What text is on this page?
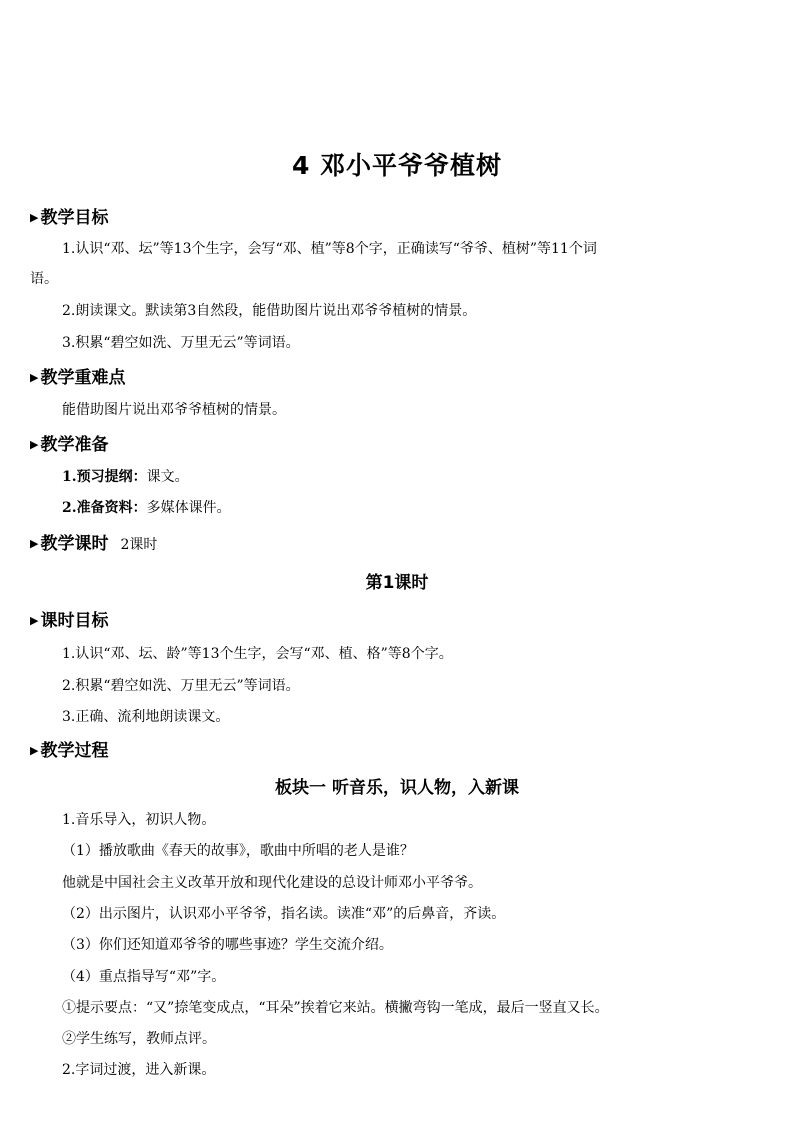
4 邓小平爷爷植树
▶ 教学目标
1.认识“邓、坛”等13个生字，会写“邓、植”等8个字，正确读写“爷爷、植树”等11个词
语。
2.朗读课文。默读第3自然段，能借助图片说出邓爷爷植树的情景。
3.积累“碧空如洗、万里无云”等词语。
▶ 教学重难点
能借助图片说出邓爷爷植树的情景。
▶ 教学准备
1.预习提纲：课文。
2.准备资料：多媒体课件。
▶ 教学课时 2课时
第1课时
▶ 课时目标
1.认识“邓、坛、龄”等13个生字，会写“邓、植、格”等8个字。
2.积累“碧空如洗、万里无云”等词语。
3.正确、流利地朗读课文。
▶ 教学过程
板块一 听音乐，识人物，入新课
1.音乐导入，初识人物。
（1）播放歌曲《春天的故事》，歌曲中所唱的老人是谁？
他就是中国社会主义改革开放和现代化建设的总设计师邓小平爷爷。
（2）出示图片，认识邓小平爷爷，指名读。读准“邓”的后鼻音，齐读。
（3）你们还知道邓爷爷的哪些事迹？学生交流介绍。
（4）重点指导写“邓”字。
①提示要点：“又”捺笔变成点，“耳朵”挨着它来站。横撇弯钩一笔成，最后一竖直又长。
②学生练写，教师点评。
2.字词过渡，进入新课。
